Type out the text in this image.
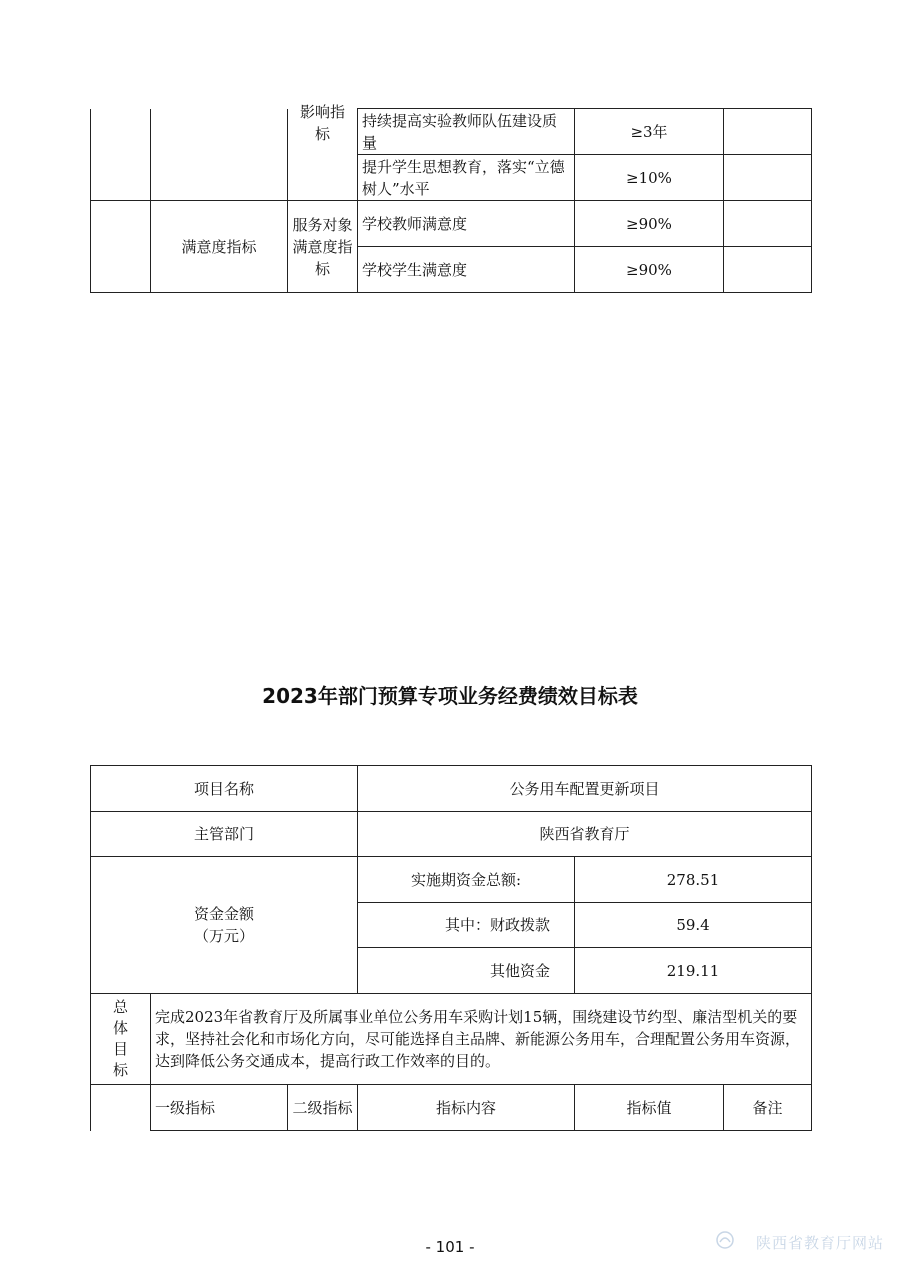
		影响指
标	持续提高实验教师队伍建设质量	≥3年	
			提升学生思想教育，落实“立德树人”水平	≥10%	
	满意度指标	服务对象满意度指标	学校教师满意度	≥90%	
			学校学生满意度	≥90%	
2023年部门预算专项业务经费绩效目标表
项目名称			公务用车配置更新项目		
主管部门			陕西省教育厅		

资金金额
（万元）			实施期资金总额:	278.51	
			其中：财政拨款	59.4	
			其他资金	219.11	

总体目标	完成2023年省教育厅及所属事业单位公务用车采购计划15辆，围绕建设节约型、廉洁型机关的要求，坚持社会化和市场化方向，尽可能选择自主品牌、新能源公务用车，合理配置公务用车资源，达到降低公务交通成本，提高行政工作效率的目的。				
	一级指标	二级指标	指标内容	指标值	备注
- 101 -	陕西省教育厅网站
